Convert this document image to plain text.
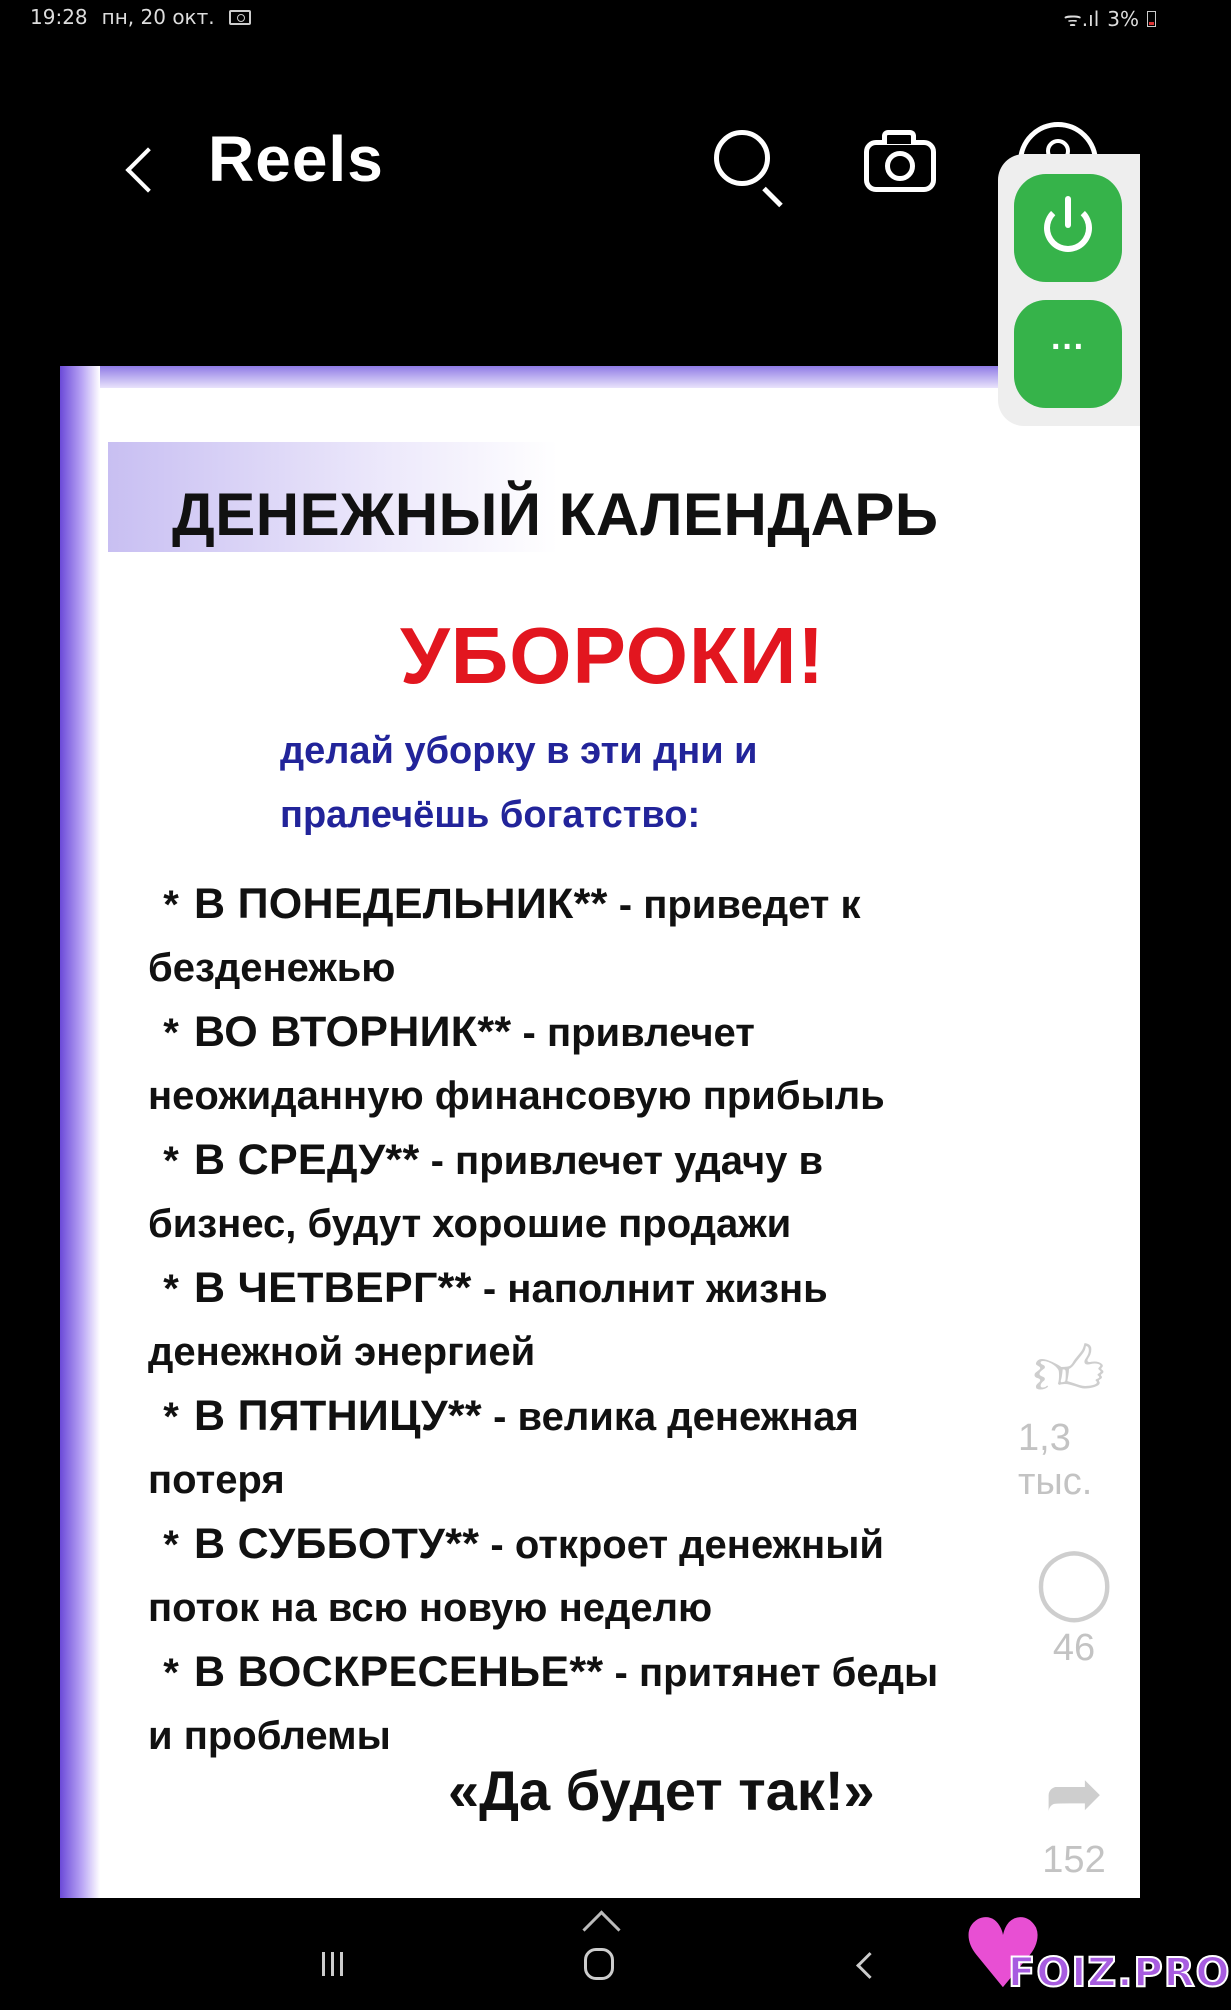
19:28 пн, 20 окт.	ᯤ.ıl 3%
Reels
ДЕНЕЖНЫЙ КАЛЕНДАРЬ
УБОРОКИ!
делай уборку в эти дни и
пралечёшь богатство:
* В ПОНЕДЕЛЬНИК** - приведет к
безденежью
* ВО ВТОРНИК** - привлечет
неожиданную финансовую прибыль
* В СРЕДУ** - привлечет удачу в
бизнес, будут хорошие продажи
* В ЧЕТВЕРГ** - наполнит жизнь
денежной энергией
* В ПЯТНИЦУ** - велика денежная
потеря
* В СУББОТУ** - откроет денежный
поток на всю новую неделю
* В ВОСКРЕСЕНЬЕ** - притянет беды
и проблемы
«Да будет так!»
···
👍︎
1,3 тыс.
◯
46
➦
152
♥
FOIZ.PRO
